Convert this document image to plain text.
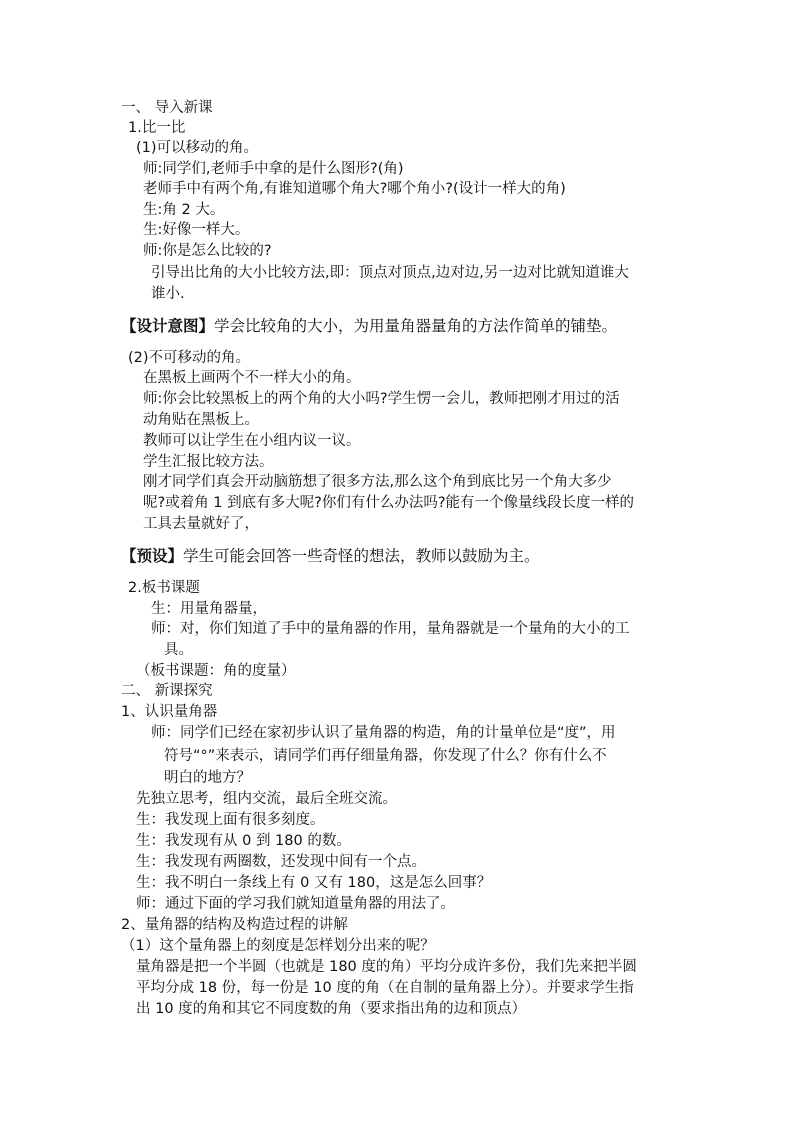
一、 导入新课
1.比一比
(1)可以移动的角。
师:同学们,老师手中拿的是什么图形?(角)
老师手中有两个角,有谁知道哪个角大?哪个角小?(设计一样大的角)
生:角 2 大。
生:好像一样大。
师:你是怎么比较的?
引导出比角的大小比较方法,即：顶点对顶点,边对边,另一边对比就知道谁大
谁小.
【设计意图】学会比较角的大小，为用量角器量角的方法作简单的铺垫。
(2)不可移动的角。
在黑板上画两个不一样大小的角。
师:你会比较黑板上的两个角的大小吗?学生愣一会儿，教师把刚才用过的活
动角贴在黑板上。
教师可以让学生在小组内议一议。
学生汇报比较方法。
刚才同学们真会开动脑筋想了很多方法,那么这个角到底比另一个角大多少
呢?或着角 1 到底有多大呢?你们有什么办法吗?能有一个像量线段长度一样的
工具去量就好了，
【预设】学生可能会回答一些奇怪的想法，教师以鼓励为主。
2.板书课题
生：用量角器量，
师：对，你们知道了手中的量角器的作用，量角器就是一个量角的大小的工
具。
（板书课题：角的度量）
二、 新课探究
1、认识量角器
师：同学们已经在家初步认识了量角器的构造，角的计量单位是“度”，用
符号“°”来表示，请同学们再仔细量角器，你发现了什么？你有什么不
明白的地方？
先独立思考，组内交流，最后全班交流。
生：我发现上面有很多刻度。
生：我发现有从 0 到 180 的数。
生：我发现有两圈数，还发现中间有一个点。
生：我不明白一条线上有 0 又有 180，这是怎么回事？
师：通过下面的学习我们就知道量角器的用法了。
2、量角器的结构及构造过程的讲解
（1）这个量角器上的刻度是怎样划分出来的呢？
量角器是把一个半圆（也就是 180 度的角）平均分成许多份，我们先来把半圆
平均分成 18 份，每一份是 10 度的角（在自制的量角器上分）。并要求学生指
出 10 度的角和其它不同度数的角（要求指出角的边和顶点）
